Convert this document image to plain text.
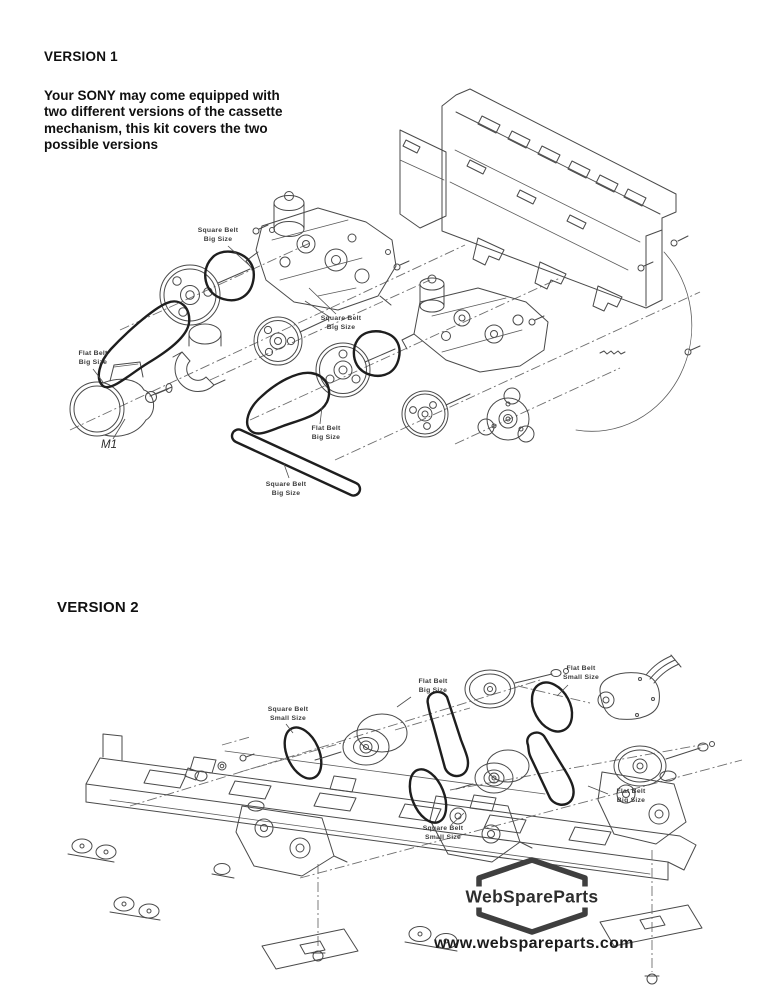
VERSION 1
Your SONY may come equipped with
two different versions of the cassette
mechanism, this kit covers the two
possible versions
VERSION 2
Square Belt
Big Size
Square Belt
Big Size
Flat Belt
Big Size
Flat Belt
Big Size
Square Belt
Big Size
M1
Square Belt
Small Size
Flat Belt
Big Size
Flat Belt
Small Size
Flat Belt
Big Size
Square Belt
Small Size
WebSpareParts
www.webspareparts.com
